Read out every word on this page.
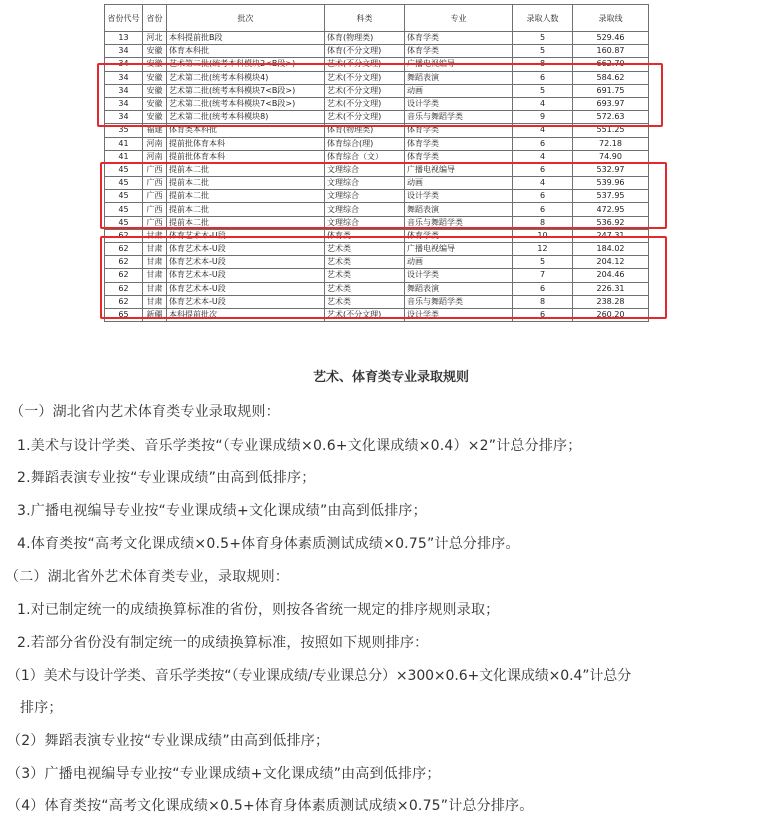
省份代号	省份	批次	科类	专业	录取人数	录取线
13	河北	本科提前批B段	体育(物理类)	体育学类	5	529.46
34	安徽	体育本科批	体育(不分文理)	体育学类	5	160.87
34	安徽	艺术第二批(统考本科模块2<B段>)	艺术(不分文理)	广播电视编导	8	662.70
34	安徽	艺术第二批(统考本科模块4)	艺术(不分文理)	舞蹈表演	6	584.62
34	安徽	艺术第二批(统考本科模块7<B段>)	艺术(不分文理)	动画	5	691.75
34	安徽	艺术第二批(统考本科模块7<B段>)	艺术(不分文理)	设计学类	4	693.97
34	安徽	艺术第二批(统考本科模块8)	艺术(不分文理)	音乐与舞蹈学类	9	572.63
35	福建	体育类本科批	体育(物理类)	体育学类	4	551.25
41	河南	提前批体育本科	体育综合(理)	体育学类	6	72.18
41	河南	提前批体育本科	体育综合（文）	体育学类	4	74.90
45	广西	提前本二批	文理综合	广播电视编导	6	532.97
45	广西	提前本二批	文理综合	动画	4	539.96
45	广西	提前本二批	文理综合	设计学类	6	537.95
45	广西	提前本二批	文理综合	舞蹈表演	6	472.95
45	广西	提前本二批	文理综合	音乐与舞蹈学类	8	536.92
62	甘肃	体育艺术本-U段	体育类	体育学类	10	247.31
62	甘肃	体育艺术本-U段	艺术类	广播电视编导	12	184.02
62	甘肃	体育艺术本-U段	艺术类	动画	5	204.12
62	甘肃	体育艺术本-U段	艺术类	设计学类	7	204.46
62	甘肃	体育艺术本-U段	艺术类	舞蹈表演	6	226.31
62	甘肃	体育艺术本-U段	艺术类	音乐与舞蹈学类	8	238.28
65	新疆	本科提前批次	艺术(不分文理)	设计学类	6	260.20
艺术、体育类专业录取规则
（一）湖北省内艺术体育类专业录取规则：
1.美术与设计学类、音乐学类按“（专业课成绩×0.6+文化课成绩×0.4）×2”计总分排序；
2.舞蹈表演专业按“专业课成绩”由高到低排序；
3.广播电视编导专业按“专业课成绩+文化课成绩”由高到低排序；
4.体育类按“高考文化课成绩×0.5+体育身体素质测试成绩×0.75”计总分排序。
（二）湖北省外艺术体育类专业，录取规则：
1.对已制定统一的成绩换算标准的省份，则按各省统一规定的排序规则录取；
2.若部分省份没有制定统一的成绩换算标准，按照如下规则排序：
（1）美术与设计学类、音乐学类按“（专业课成绩/专业课总分）×300×0.6+文化课成绩×0.4”计总分
排序；
（2）舞蹈表演专业按“专业课成绩”由高到低排序；
（3）广播电视编导专业按“专业课成绩+文化课成绩”由高到低排序；
（4）体育类按“高考文化课成绩×0.5+体育身体素质测试成绩×0.75”计总分排序。
